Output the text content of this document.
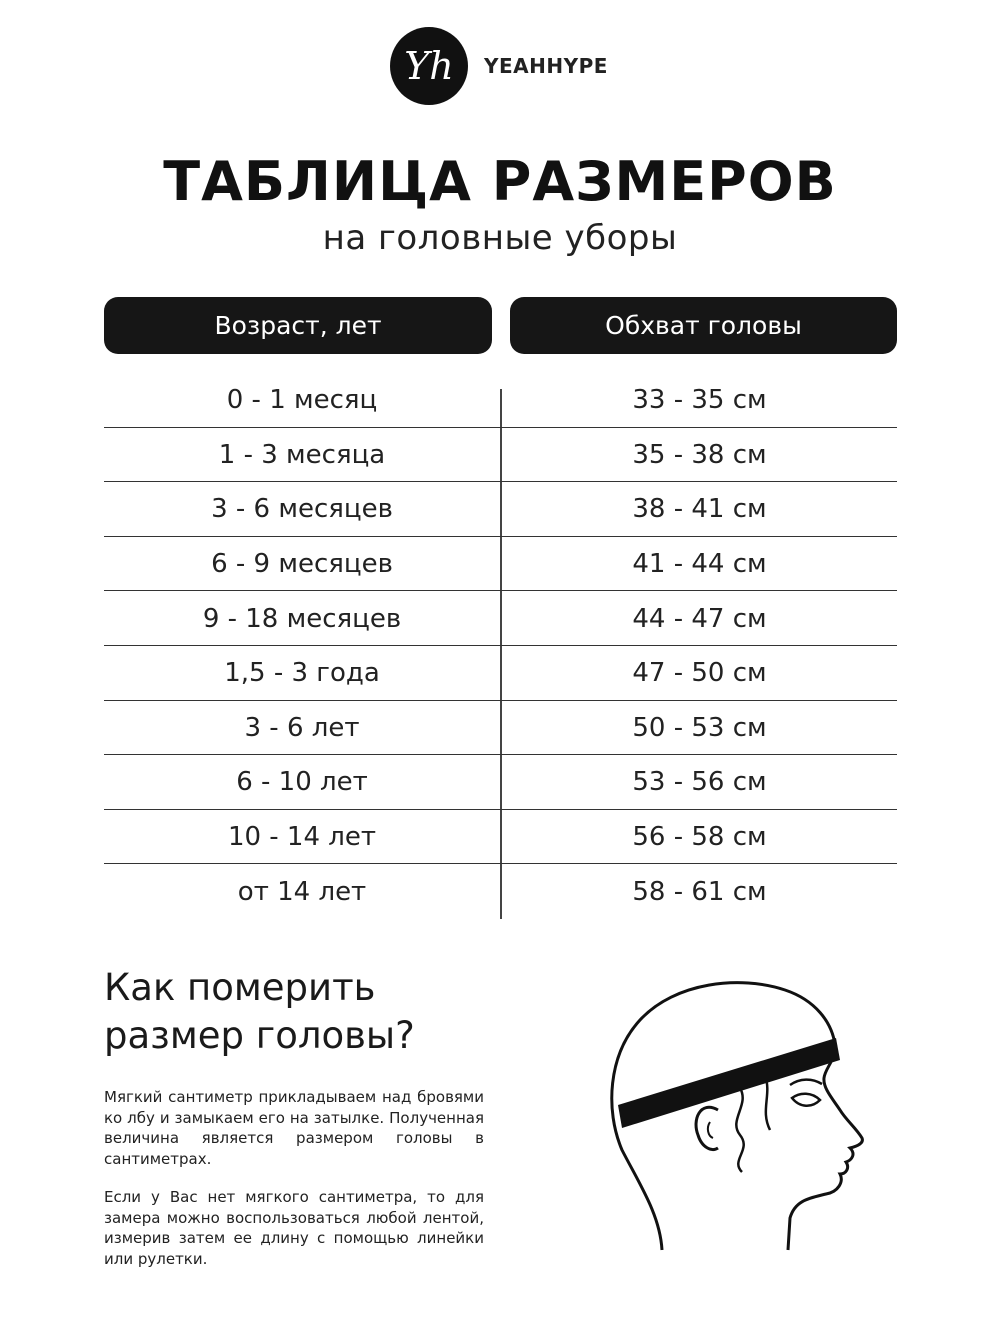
Yh YEAHHYPE
ТАБЛИЦА РАЗМЕРОВ
на головные уборы
Возраст, лет	Обхват головы
0 - 1 месяц	33 - 35 см
1 - 3 месяца	35 - 38 см
3 - 6 месяцев	38 - 41 см
6 - 9 месяцев	41 - 44 см
9 - 18 месяцев	44 - 47 см
1,5 - 3 года	47 - 50 см
3 - 6 лет	50 - 53 см
6 - 10 лет	53 - 56 см
10 - 14 лет	56 - 58 см
от 14 лет	58 - 61 см
Как померить
размер головы?
Мягкий сантиметр прикладываем над бровями ко лбу и замыкаем его на затылке. Полученная величина является размером головы в сантиметрах.
Если у Вас нет мягкого сантиметра, то для замера можно воспользоваться любой лентой, измерив затем ее длину с помощью линейки или рулетки.
